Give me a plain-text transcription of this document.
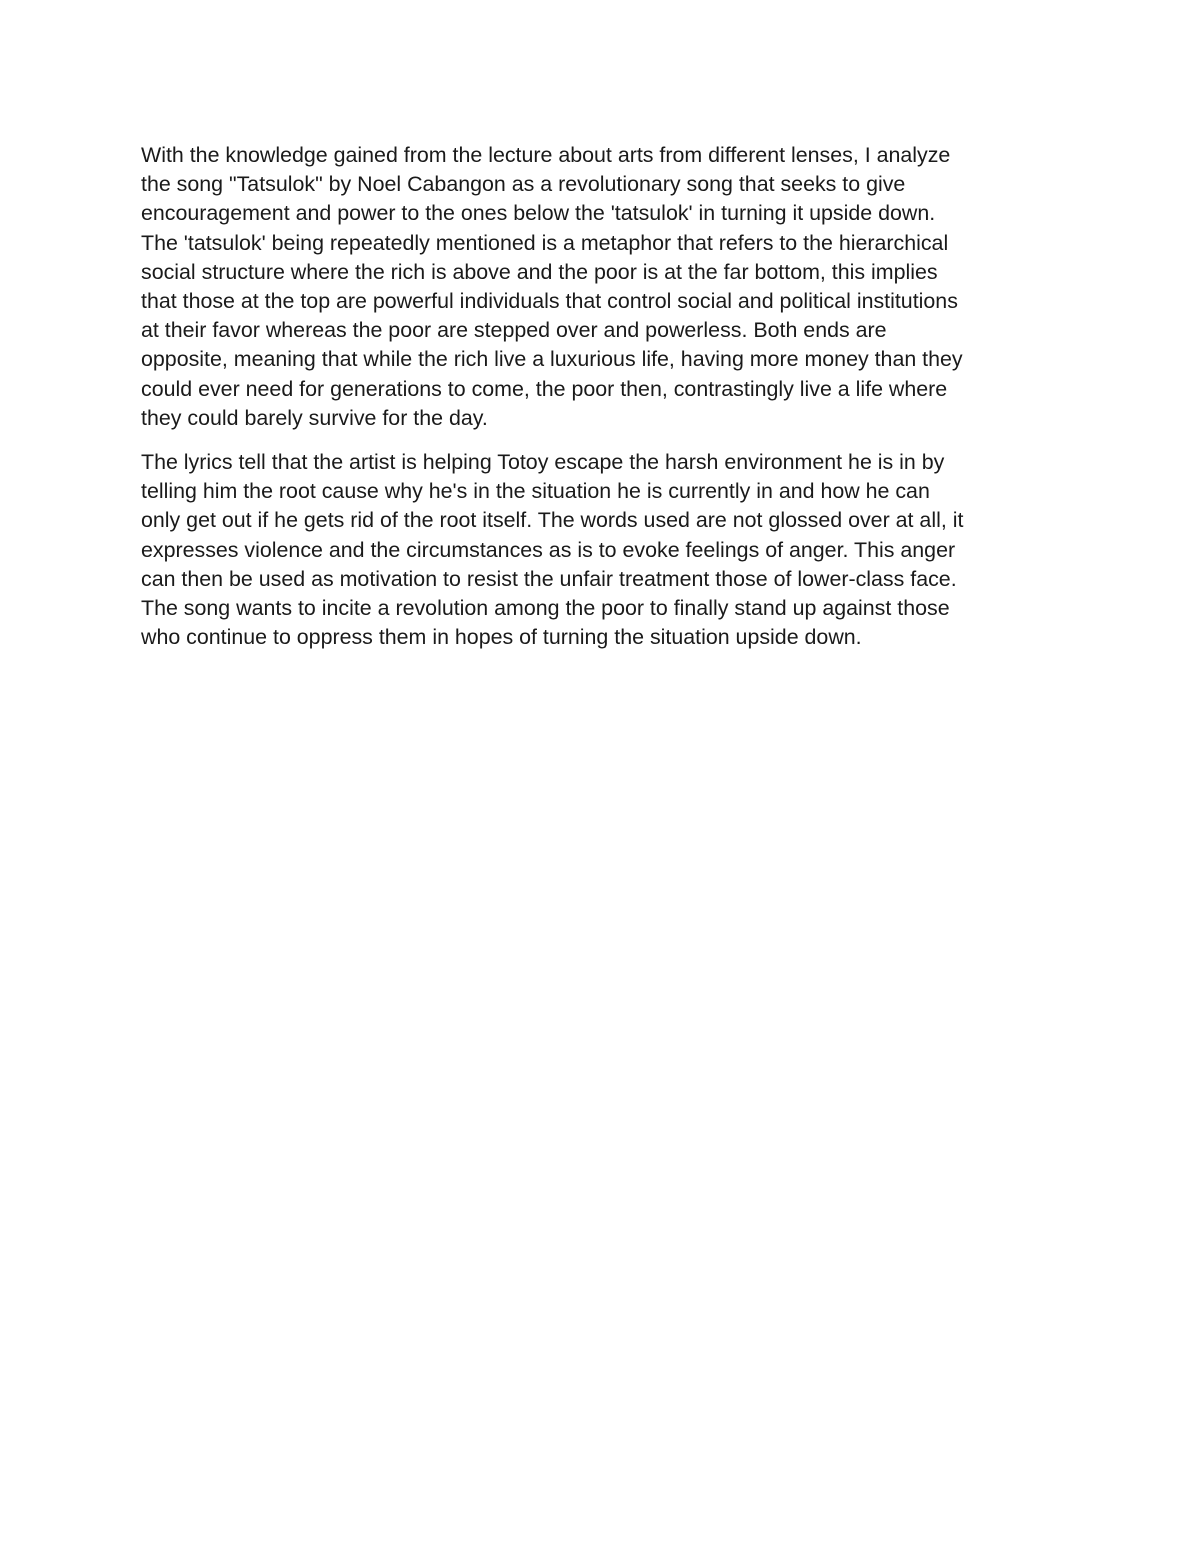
With the knowledge gained from the lecture about arts from different lenses, I analyze
the song "Tatsulok" by Noel Cabangon as a revolutionary song that seeks to give
encouragement and power to the ones below the 'tatsulok' in turning it upside down.
The 'tatsulok' being repeatedly mentioned is a metaphor that refers to the hierarchical
social structure where the rich is above and the poor is at the far bottom, this implies
that those at the top are powerful individuals that control social and political institutions
at their favor whereas the poor are stepped over and powerless. Both ends are
opposite, meaning that while the rich live a luxurious life, having more money than they
could ever need for generations to come, the poor then, contrastingly live a life where
they could barely survive for the day.

The lyrics tell that the artist is helping Totoy escape the harsh environment he is in by
telling him the root cause why he's in the situation he is currently in and how he can
only get out if he gets rid of the root itself. The words used are not glossed over at all, it
expresses violence and the circumstances as is to evoke feelings of anger. This anger
can then be used as motivation to resist the unfair treatment those of lower-class face.
The song wants to incite a revolution among the poor to finally stand up against those
who continue to oppress them in hopes of turning the situation upside down.
